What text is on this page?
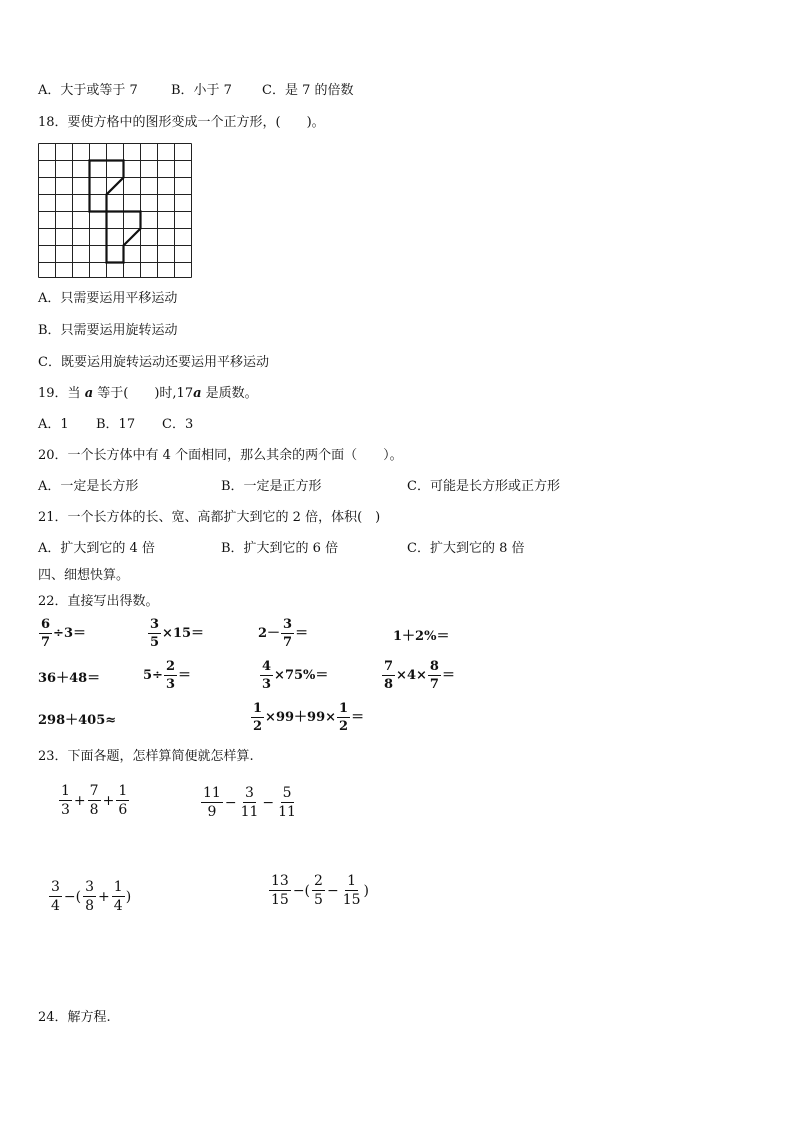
A．大于或等于 7	B．小于 7 C．是 7 的倍数
18．要使方格中的图形变成一个正方形，(　　)。
A．只需要运用平移运动
B．只需要运用旋转运动
C．既要运用旋转运动还要运用平移运动
19．当 a 等于(　　)时,17a 是质数。
A．1 B．17 C．3
20．一个长方体中有 4 个面相同，那么其余的两个面（　　）。
A．一定是长方形	B．一定是正方形	C．可能是长方形或正方形
21．一个长方体的长、宽、高都扩大到它的 2 倍，体积(　)
A．扩大到它的 4 倍	B．扩大到它的 6 倍	C．扩大到它的 8 倍
四、细想快算。
22．直接写出得数。
$\frac{6}{7} \div 3=$	$\frac{3}{5} \times 15=$	$2- \frac{3}{7}$ ＝	1＋2%＝
36＋48＝	$5\div \frac{2}{3}$ ＝	$\frac{4}{3} \times 75\%=$	$\frac{7}{8} \times 4\times \frac{8}{7}$ ＝
298＋405≈	$\frac{1}{2} \times 99+99\times \frac{1}{2}$ ＝
23．下面各题，怎样算简便就怎样算.
$\frac{1}{3} + \frac{7}{8} + \frac{1}{6}$	$\frac{11}{9} - \frac{3}{11} - \frac{5}{11}$
$\frac{3}{4}$ −( $\frac{3}{8} + \frac{1}{4}$ )	$\frac{13}{15}$ −( $\frac{2}{5} - \frac{1}{15}$ )
24．解方程.
